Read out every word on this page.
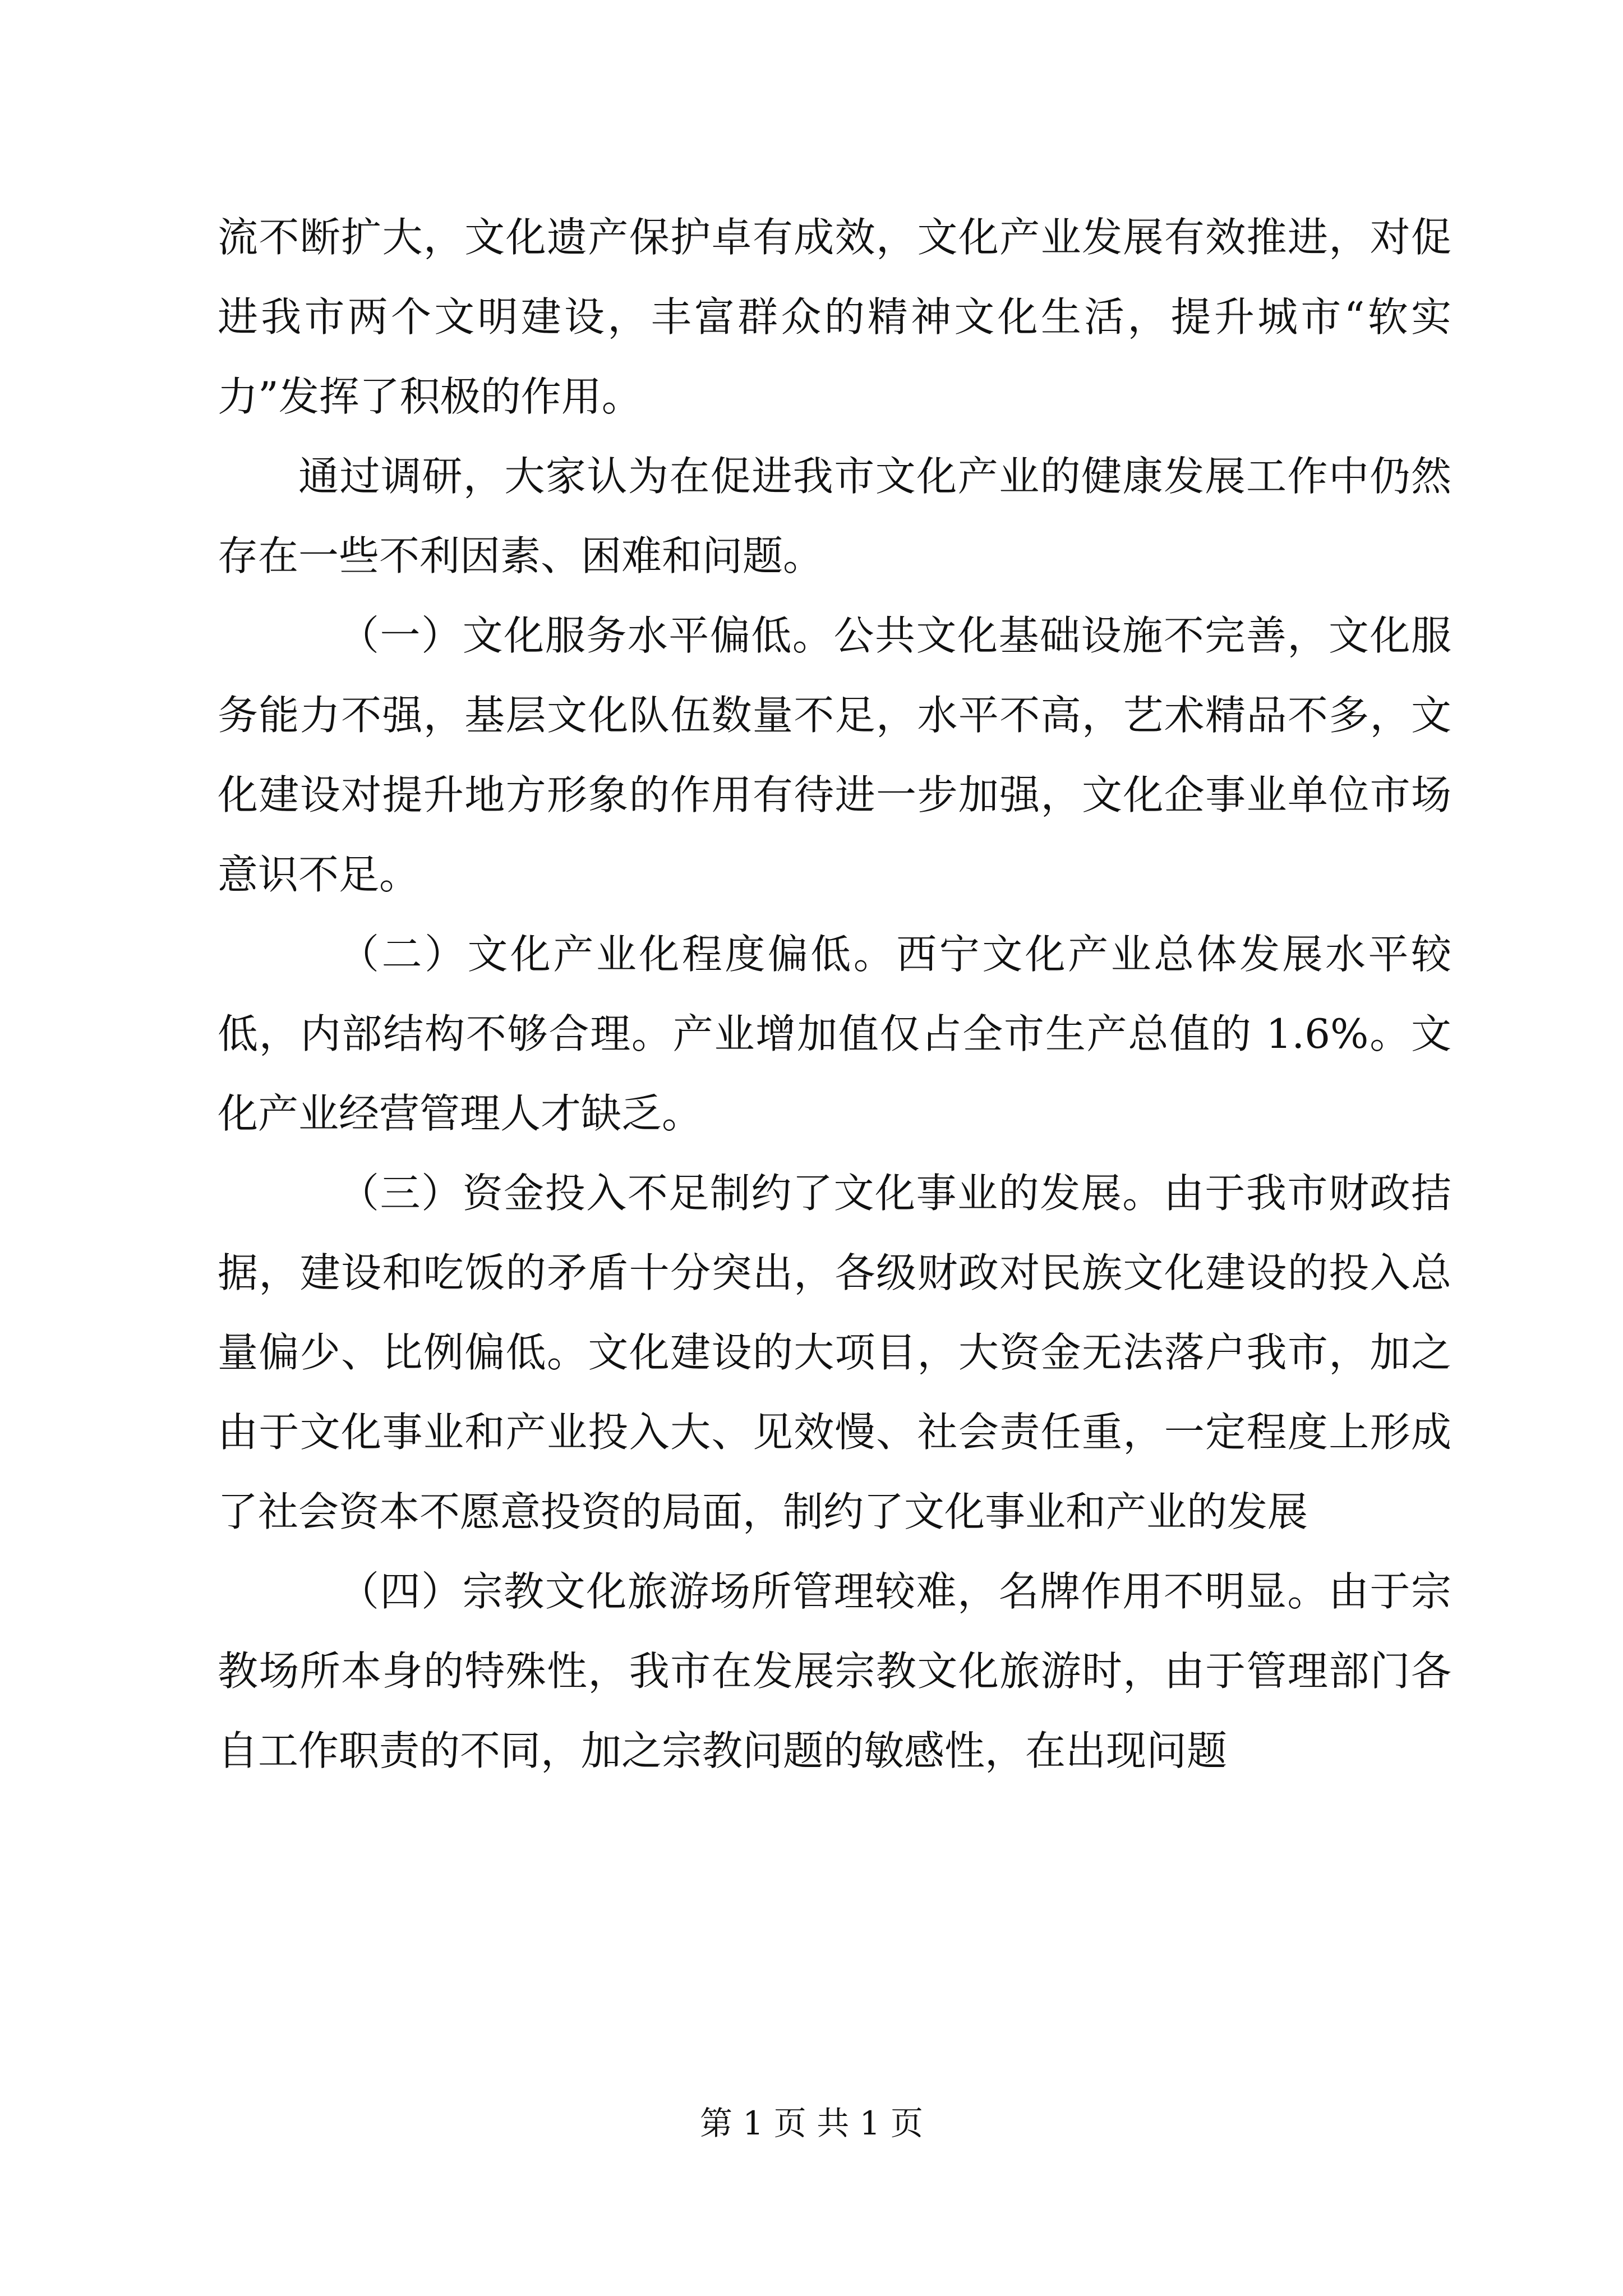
流不断扩大，文化遗产保护卓有成效，文化产业发展有效推进，对促进我市两个文明建设，丰富群众的精神文化生活，提升城市“软实力”发挥了积极的作用。

通过调研，大家认为在促进我市文化产业的健康发展工作中仍然存在一些不利因素、困难和问题。

（一）文化服务水平偏低。公共文化基础设施不完善，文化服务能力不强，基层文化队伍数量不足，水平不高，艺术精品不多，文化建设对提升地方形象的作用有待进一步加强，文化企事业单位市场意识不足。

（二）文化产业化程度偏低。西宁文化产业总体发展水平较低，内部结构不够合理。产业增加值仅占全市生产总值的 1.6%。文化产业经营管理人才缺乏。

（三）资金投入不足制约了文化事业的发展。由于我市财政拮据，建设和吃饭的矛盾十分突出，各级财政对民族文化建设的投入总量偏少、比例偏低。文化建设的大项目，大资金无法落户我市，加之由于文化事业和产业投入大、见效慢、社会责任重，一定程度上形成了社会资本不愿意投资的局面，制约了文化事业和产业的发展

（四）宗教文化旅游场所管理较难，名牌作用不明显。由于宗教场所本身的特殊性，我市在发展宗教文化旅游时，由于管理部门各自工作职责的不同，加之宗教问题的敏感性，在出现问题

第 1 页 共 1 页
